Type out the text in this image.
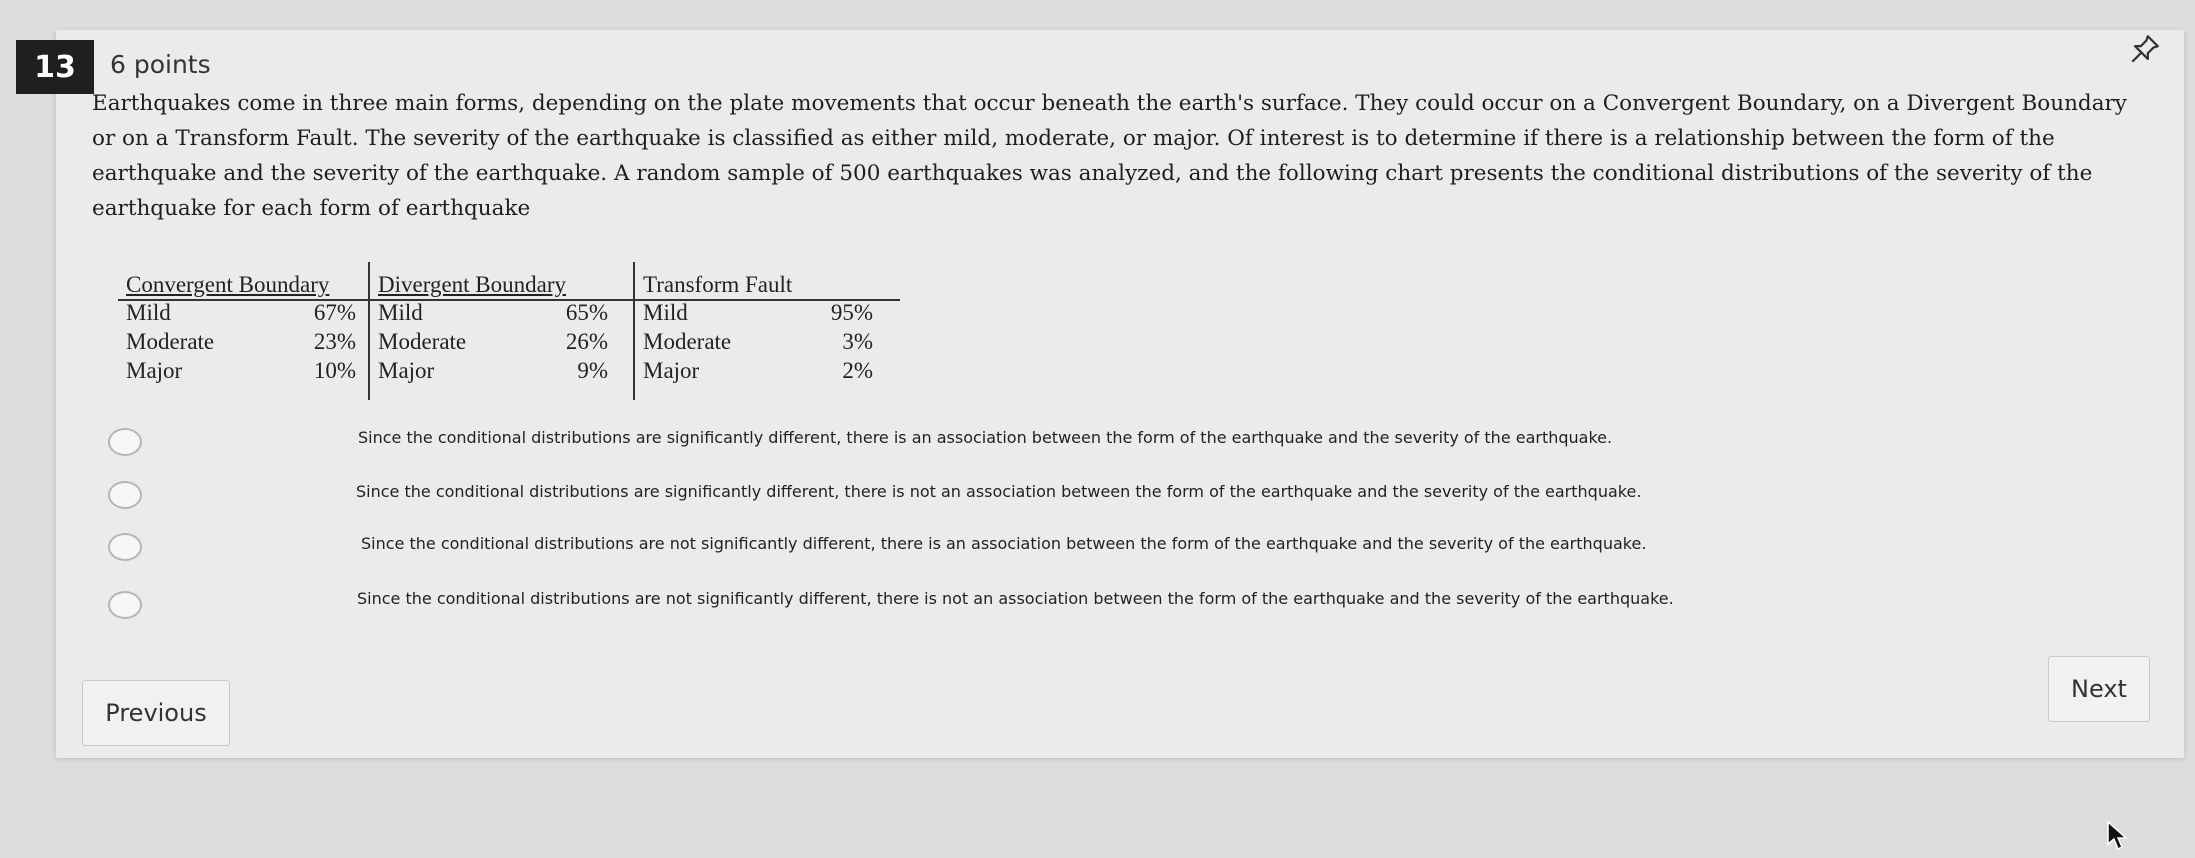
13	6 points
Earthquakes come in three main forms, depending on the plate movements that occur beneath the earth's surface. They could occur on a Convergent Boundary, on a Divergent Boundary or on a Transform Fault. The severity of the earthquake is classified as either mild, moderate, or major. Of interest is to determine if there is a relationship between the form of the earthquake and the severity of the earthquake. A random sample of 500 earthquakes was analyzed, and the following chart presents the conditional distributions of the severity of the earthquake for each form of earthquake
Convergent Boundary
Mild	67%
Moderate	23%
Major	10%
Divergent Boundary
Mild	65%
Moderate	26%
Major	9%
Transform Fault
Mild	95%
Moderate	3%
Major	2%
Since the conditional distributions are significantly different, there is an association between the form of the earthquake and the severity of the earthquake.
Since the conditional distributions are significantly different, there is not an association between the form of the earthquake and the severity of the earthquake.
Since the conditional distributions are not significantly different, there is an association between the form of the earthquake and the severity of the earthquake.
Since the conditional distributions are not significantly different, there is not an association between the form of the earthquake and the severity of the earthquake.
Previous
Next
